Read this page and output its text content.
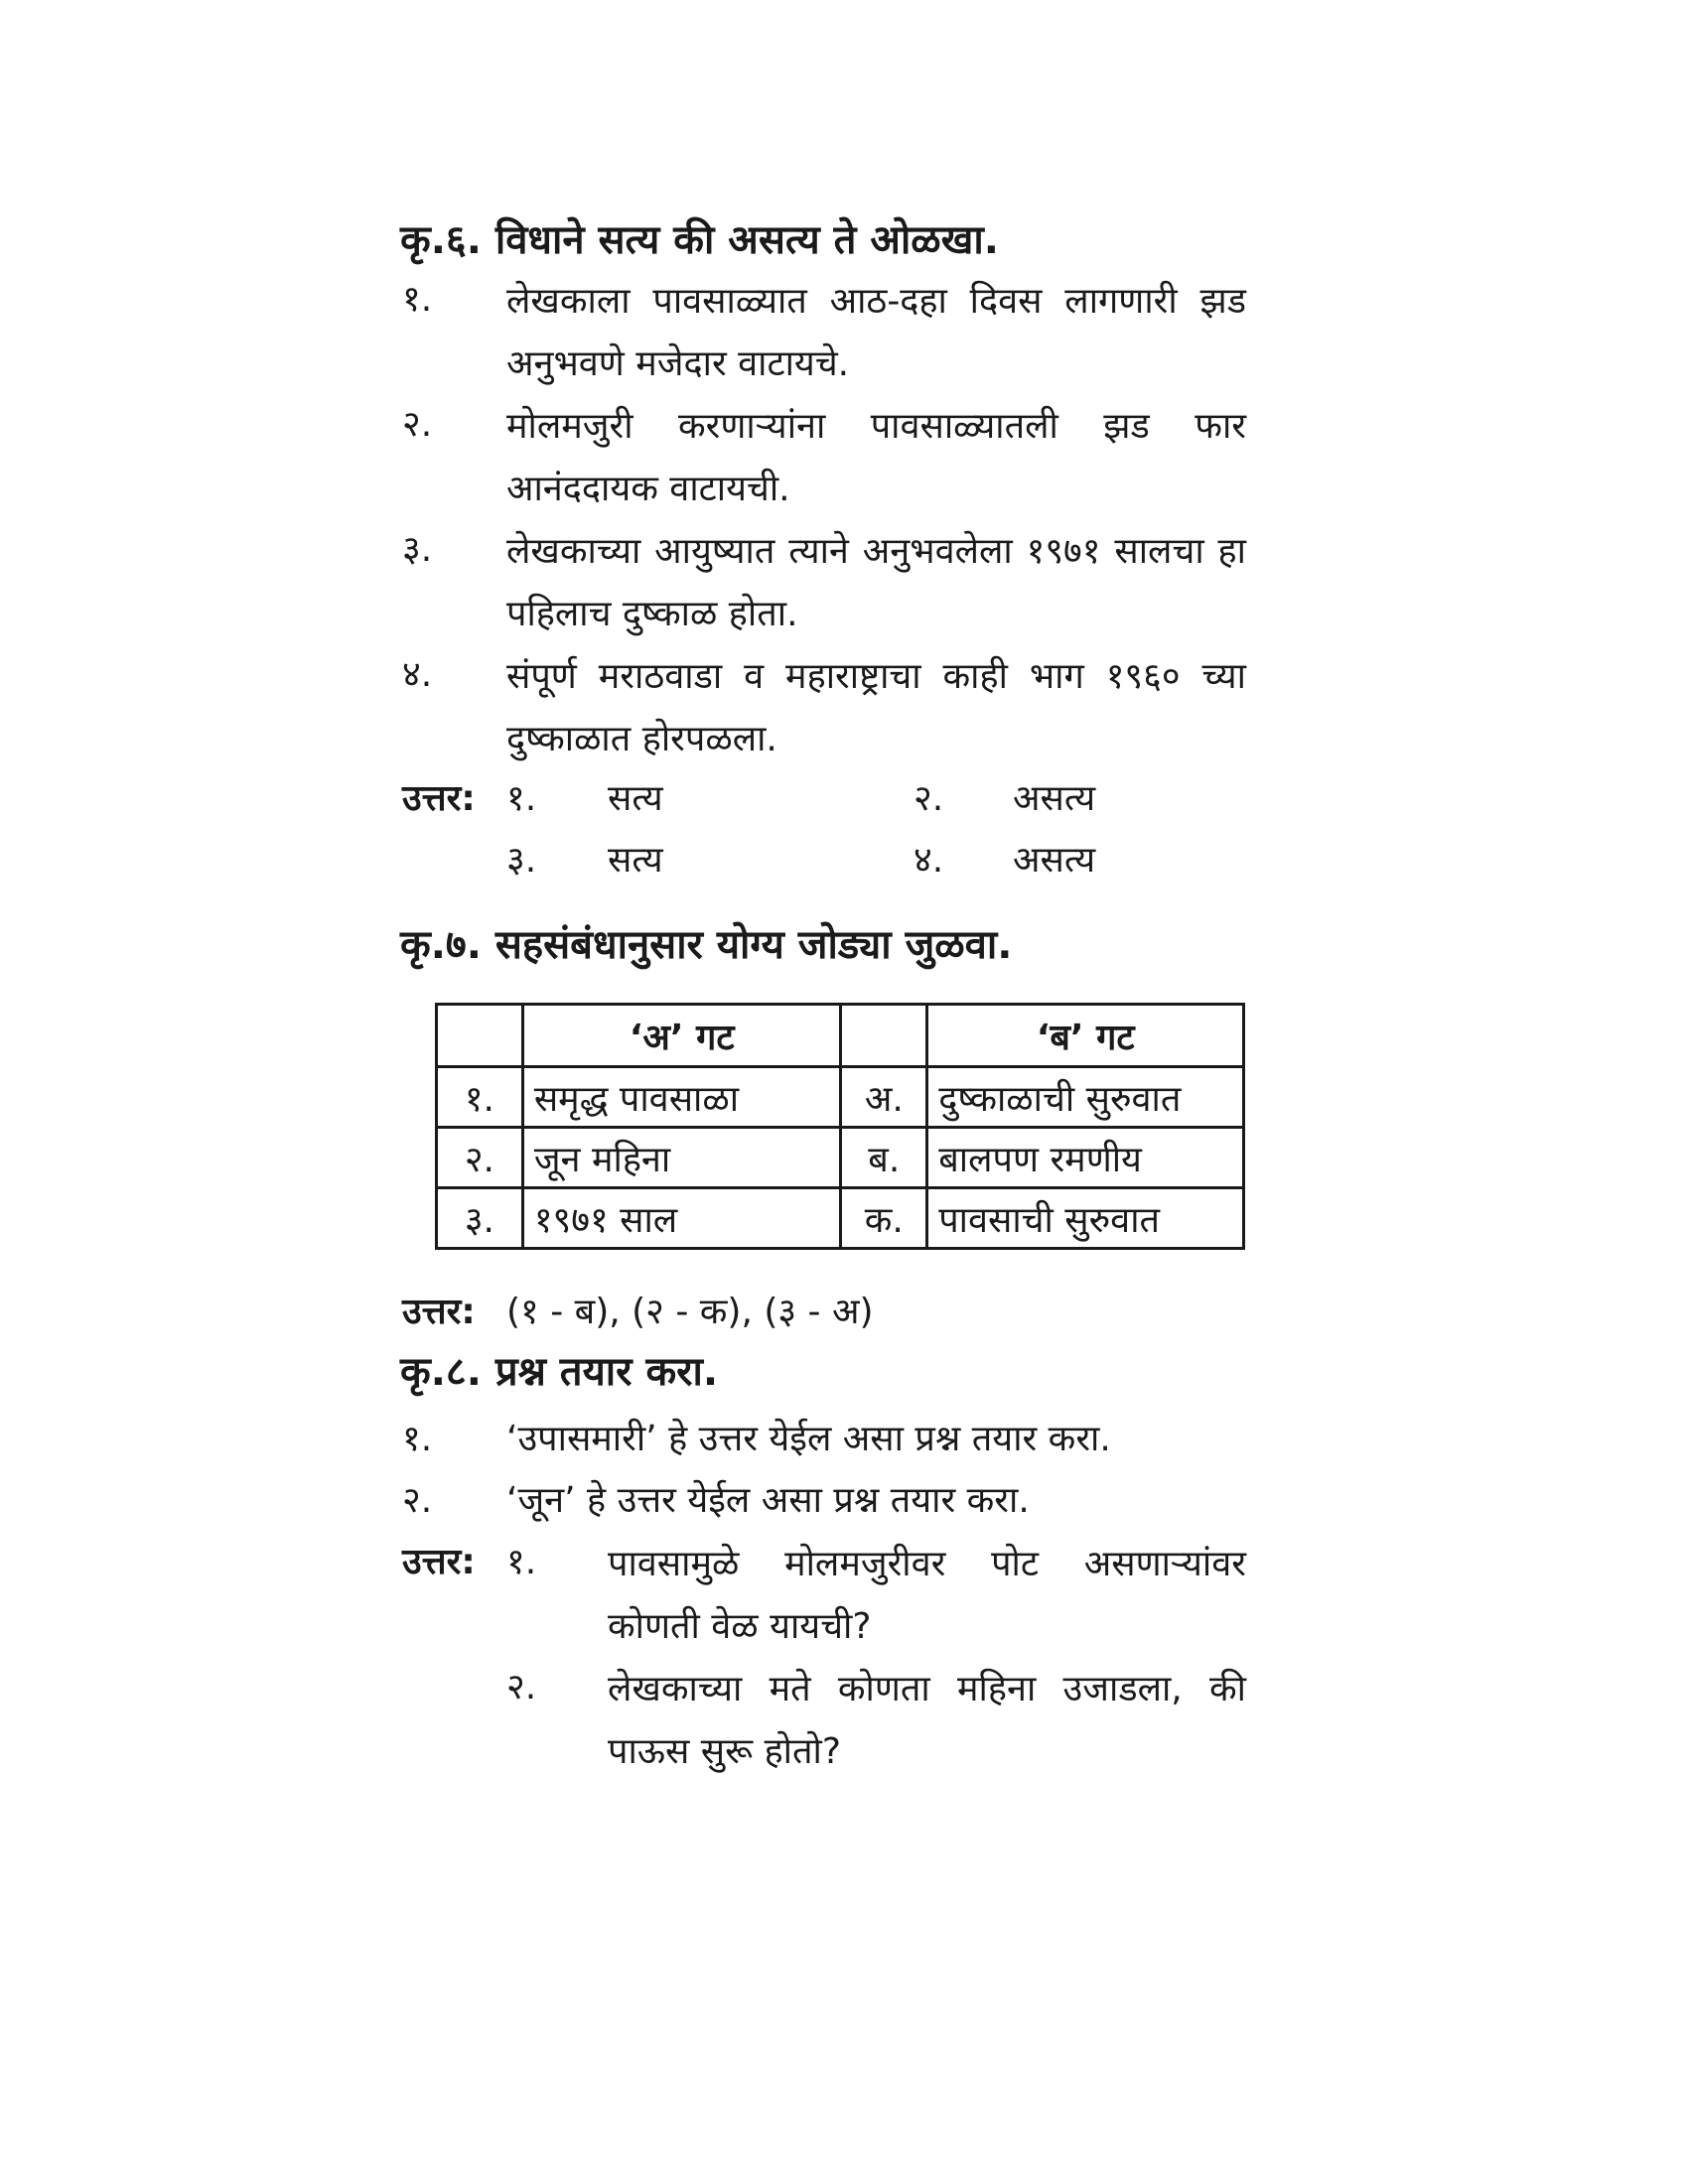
कृ.६. विधाने सत्य की असत्य ते ओळखा.
१. लेखकाला पावसाळ्यात आठ-दहा दिवस लागणारी झड अनुभवणे मजेदार वाटायचे.
२. मोलमजुरी करणाऱ्यांना पावसाळ्यातली झड फार आनंददायक वाटायची.
३. लेखकाच्या आयुष्यात त्याने अनुभवलेला १९७१ सालचा हा पहिलाच दुष्काळ होता.
४. संपूर्ण मराठवाडा व महाराष्ट्राचा काही भाग १९६० च्या दुष्काळात होरपळला.
उत्तर: १. सत्य	२. असत्य
३. सत्य	४. असत्य
कृ.७. सहसंबंधानुसार योग्य जोड्या जुळवा.
	‘अ’ गट		‘ब’ गट
१.	समृद्ध पावसाळा	अ.	दुष्काळाची सुरुवात
२.	जून महिना	ब.	बालपण रमणीय
३.	१९७१ साल	क.	पावसाची सुरुवात
उत्तर: (१ - ब), (२ - क), (३ - अ)
कृ.८. प्रश्न तयार करा.
१. ‘उपासमारी’ हे उत्तर येईल असा प्रश्न तयार करा.
२. ‘जून’ हे उत्तर येईल असा प्रश्न तयार करा.
उत्तर: १. पावसामुळे मोलमजुरीवर पोट असणाऱ्यांवर कोणती वेळ यायची?
२. लेखकाच्या मते कोणता महिना उजाडला, की पाऊस सुरू होतो?
